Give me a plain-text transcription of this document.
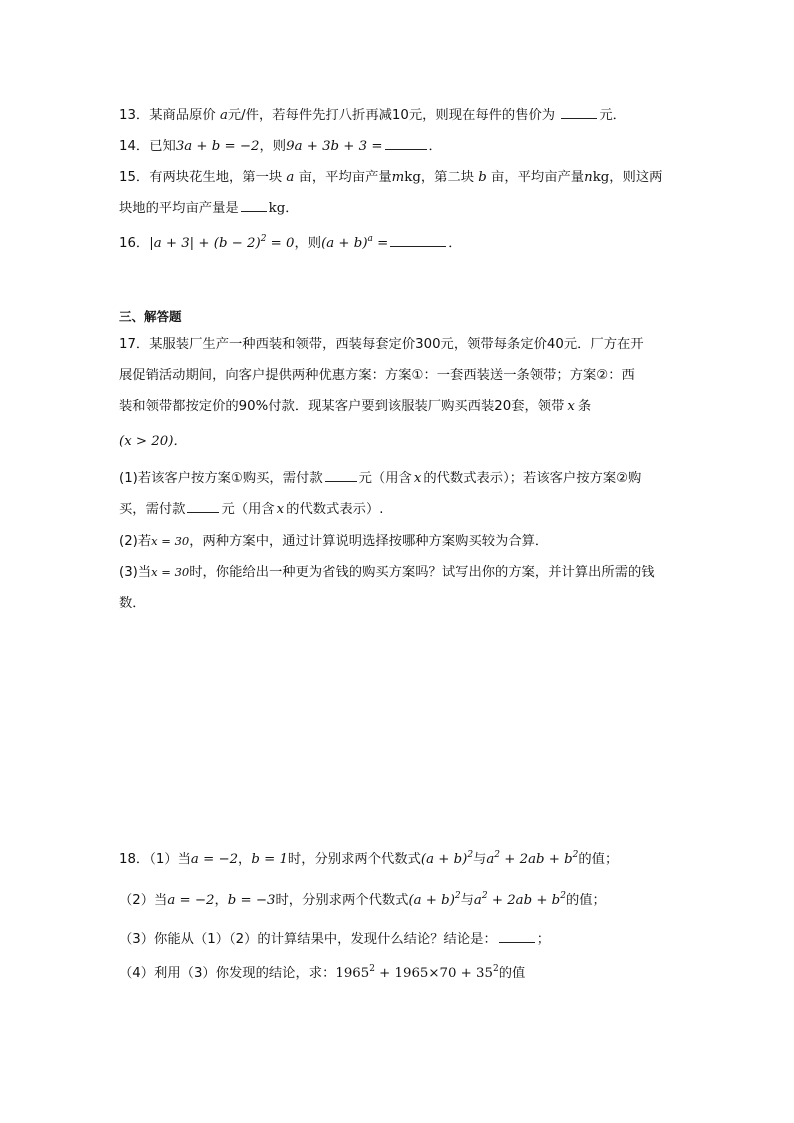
13．某商品原价 a元/件，若每件先打八折再减10元，则现在每件的售价为	元．
14．已知3a + b = −2，则9a + 3b + 3 =	．
15．有两块花生地，第一块 a 亩，平均亩产量mkg，第二块 b 亩，平均亩产量nkg，则这两
块地的平均亩产量是 kg．
16．$|a + 3| + (b - 2)^2 = 0$，则$(a + b)^a$ =	．
三、解答题
17．某服装厂生产一种西装和领带，西装每套定价300元，领带每条定价40元．厂方在开
展促销活动期间，向客户提供两种优惠方案：方案①：一套西装送一条领带；方案②：西
装和领带都按定价的90%付款．现某客户要到该服装厂购买西装20套，领带 x 条
(x > 20)．
(1)若该客户按方案①购买，需付款	元（用含 x 的代数式表示）；若该客户按方案②购
买，需付款	元（用含 x 的代数式表示）.
(2)若x = 30，两种方案中，通过计算说明选择按哪种方案购买较为合算．
(3)当x = 30时，你能给出一种更为省钱的购买方案吗？试写出你的方案，并计算出所需的钱
数．
18．（1）当a = −2，b = 1时，分别求两个代数式$(a + b)^2$与$a^2 + 2ab + b^2$的值；
（2）当a = −2，b = −3时，分别求两个代数式$(a + b)^2$与$a^2 + 2ab + b^2$的值；
（3）你能从（1）（2）的计算结果中，发现什么结论？结论是：	；
（4）利用（3）你发现的结论，求：$1965^2 + 1965\times 70 + 35^2$的值
